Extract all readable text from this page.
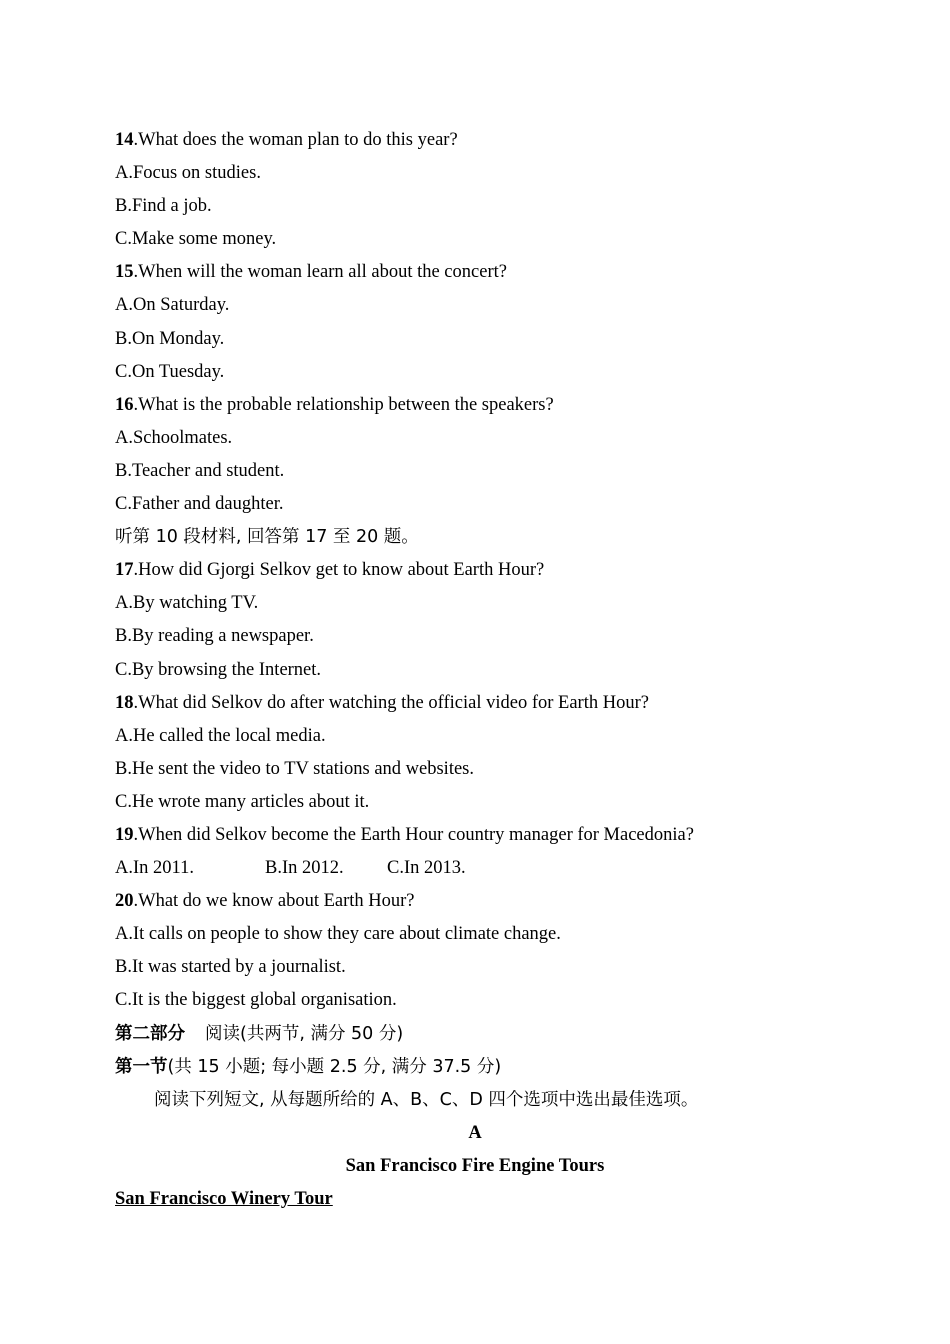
14.What does the woman plan to do this year?
A.Focus on studies.
B.Find a job.
C.Make some money.
15.When will the woman learn all about the concert?
A.On Saturday.
B.On Monday.
C.On Tuesday.
16.What is the probable relationship between the speakers?
A.Schoolmates.
B.Teacher and student.
C.Father and daughter.
听第 10 段材料, 回答第 17 至 20 题。
17.How did Gjorgi Selkov get to know about Earth Hour?
A.By watching TV.
B.By reading a newspaper.
C.By browsing the Internet.
18.What did Selkov do after watching the official video for Earth Hour?
A.He called the local media.
B.He sent the video to TV stations and websites.
C.He wrote many articles about it.
19.When did Selkov become the Earth Hour country manager for Macedonia?
A.In 2011.	B.In 2012. C.In 2013.
20.What do we know about Earth Hour?
A.It calls on people to show they care about climate change.
B.It was started by a journalist.
C.It is the biggest global organisation.
第二部分 阅读(共两节, 满分 50 分)
第一节(共 15 小题; 每小题 2.5 分, 满分 37.5 分)
阅读下列短文, 从每题所给的 A、B、C、D 四个选项中选出最佳选项。
A
San Francisco Fire Engine Tours
San Francisco Winery Tour
